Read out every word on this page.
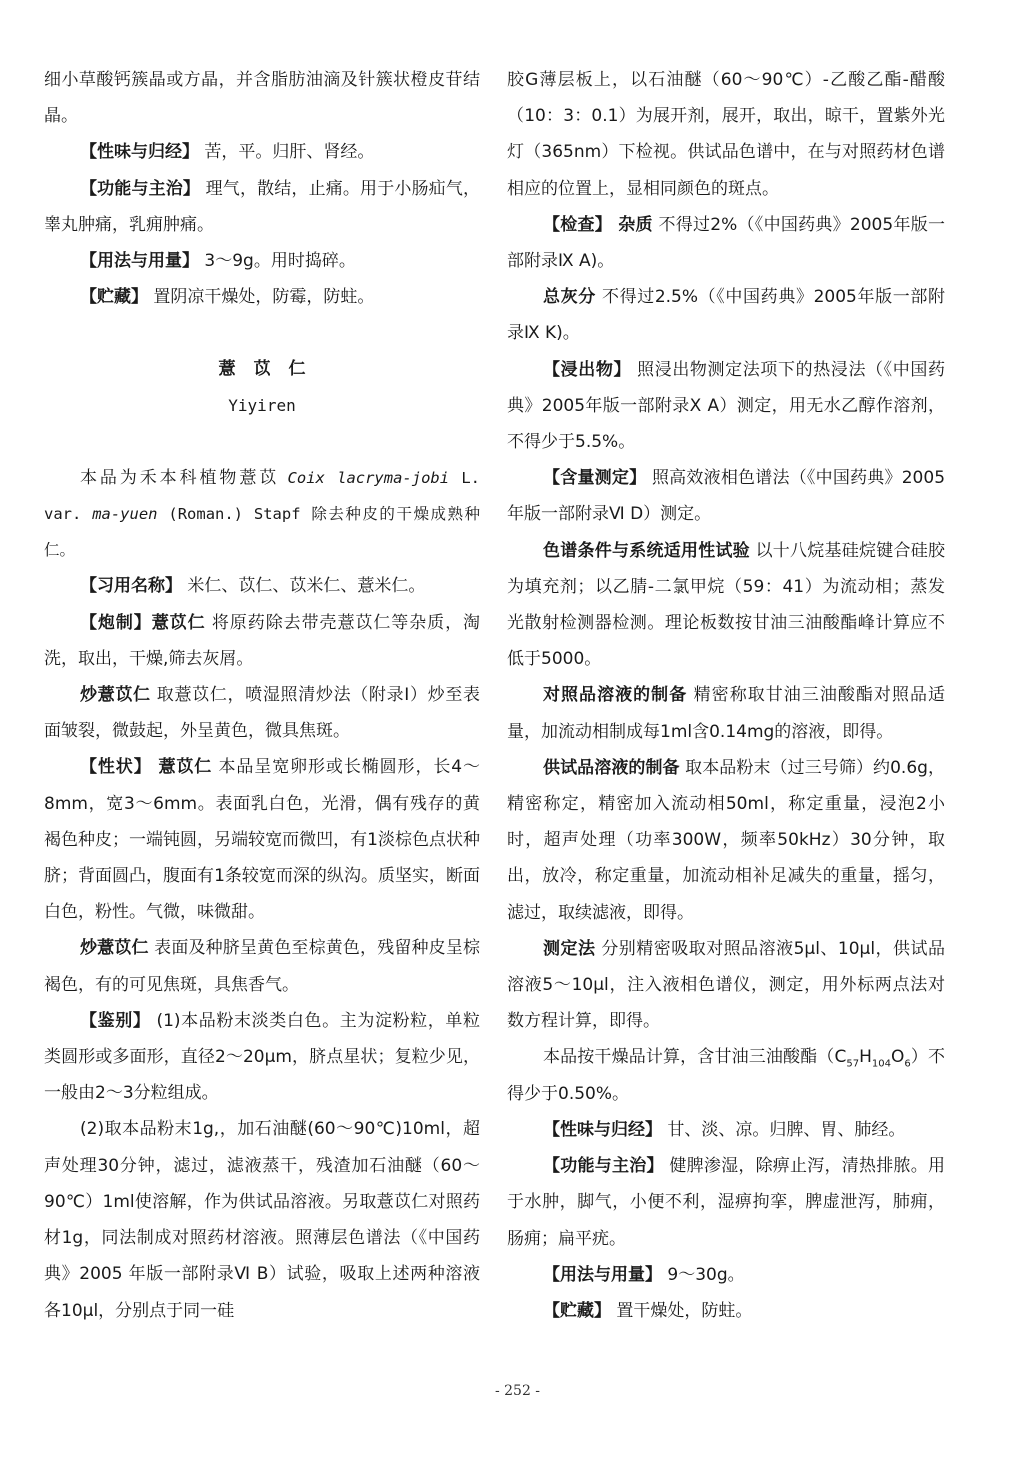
细小草酸钙簇晶或方晶，并含脂肪油滴及针簇状橙皮苷结晶。

【性味与归经】 苦，平。归肝、肾经。

【功能与主治】 理气，散结，止痛。用于小肠疝气，睾丸肿痛，乳痈肿痛。

【用法与用量】 3～9g。用时捣碎。

【贮藏】 置阴凉干燥处，防霉，防蛀。

薏苡仁

Yiyiren

本品为禾本科植物薏苡 Coix lacryma-jobi L. var. ma-yuen (Roman.) Stapf 除去种皮的干燥成熟种仁。

【习用名称】 米仁、苡仁、苡米仁、薏米仁。

【炮制】薏苡仁 将原药除去带壳薏苡仁等杂质，淘洗，取出，干燥,筛去灰屑。

炒薏苡仁 取薏苡仁，喷湿照清炒法（附录Ⅰ）炒至表面皱裂，微鼓起，外呈黄色，微具焦斑。

【性状】 薏苡仁 本品呈宽卵形或长椭圆形，长4～8mm，宽3～6mm。表面乳白色，光滑，偶有残存的黄褐色种皮；一端钝圆，另端较宽而微凹，有1淡棕色点状种脐；背面圆凸，腹面有1条较宽而深的纵沟。质坚实，断面白色，粉性。气微，味微甜。

炒薏苡仁 表面及种脐呈黄色至棕黄色，残留种皮呈棕褐色，有的可见焦斑，具焦香气。

【鉴别】 (1)本品粉末淡类白色。主为淀粉粒，单粒类圆形或多面形，直径2～20μm，脐点星状；复粒少见，一般由2～3分粒组成。

(2)取本品粉末1g,，加石油醚(60～90℃)10ml，超声处理30分钟，滤过，滤液蒸干，残渣加石油醚（60～90℃）1ml使溶解，作为供试品溶液。另取薏苡仁对照药材1g，同法制成对照药材溶液。照薄层色谱法（《中国药典》2005 年版一部附录Ⅵ B）试验，吸取上述两种溶液各10μl，分别点于同一硅

胶G薄层板上，以石油醚（60～90℃）-乙酸乙酯-醋酸（10：3：0.1）为展开剂，展开，取出，晾干，置紫外光灯（365nm）下检视。供试品色谱中，在与对照药材色谱相应的位置上，显相同颜色的斑点。

【检查】 杂质 不得过2%（《中国药典》2005年版一部附录Ⅸ A)。

总灰分 不得过2.5%（《中国药典》2005年版一部附录Ⅸ K)。

【浸出物】 照浸出物测定法项下的热浸法（《中国药典》2005年版一部附录Ⅹ A）测定，用无水乙醇作溶剂，不得少于5.5%。

【含量测定】 照高效液相色谱法（《中国药典》2005年版一部附录Ⅵ D）测定。

色谱条件与系统适用性试验 以十八烷基硅烷键合硅胶为填充剂；以乙腈-二氯甲烷（59：41）为流动相；蒸发光散射检测器检测。理论板数按甘油三油酸酯峰计算应不低于5000。

对照品溶液的制备 精密称取甘油三油酸酯对照品适量，加流动相制成每1ml含0.14mg的溶液，即得。

供试品溶液的制备 取本品粉末（过三号筛）约0.6g，精密称定，精密加入流动相50ml，称定重量，浸泡2小时，超声处理（功率300W，频率50kHz）30分钟，取出，放冷，称定重量，加流动相补足减失的重量，摇匀，滤过，取续滤液，即得。

测定法 分别精密吸取对照品溶液5μl、10μl，供试品溶液5～10μl，注入液相色谱仪，测定，用外标两点法对数方程计算，即得。

本品按干燥品计算，含甘油三油酸酯$(C_{57}H_{104}O_6)$不得少于0.50%。

【性味与归经】 甘、淡、凉。归脾、胃、肺经。

【功能与主治】 健脾渗湿，除痹止泻，清热排脓。用于水肿，脚气，小便不利，湿痹拘挛，脾虚泄泻，肺痈，肠痈；扁平疣。

【用法与用量】 9～30g。

【贮藏】 置干燥处，防蛀。

- 252 -
